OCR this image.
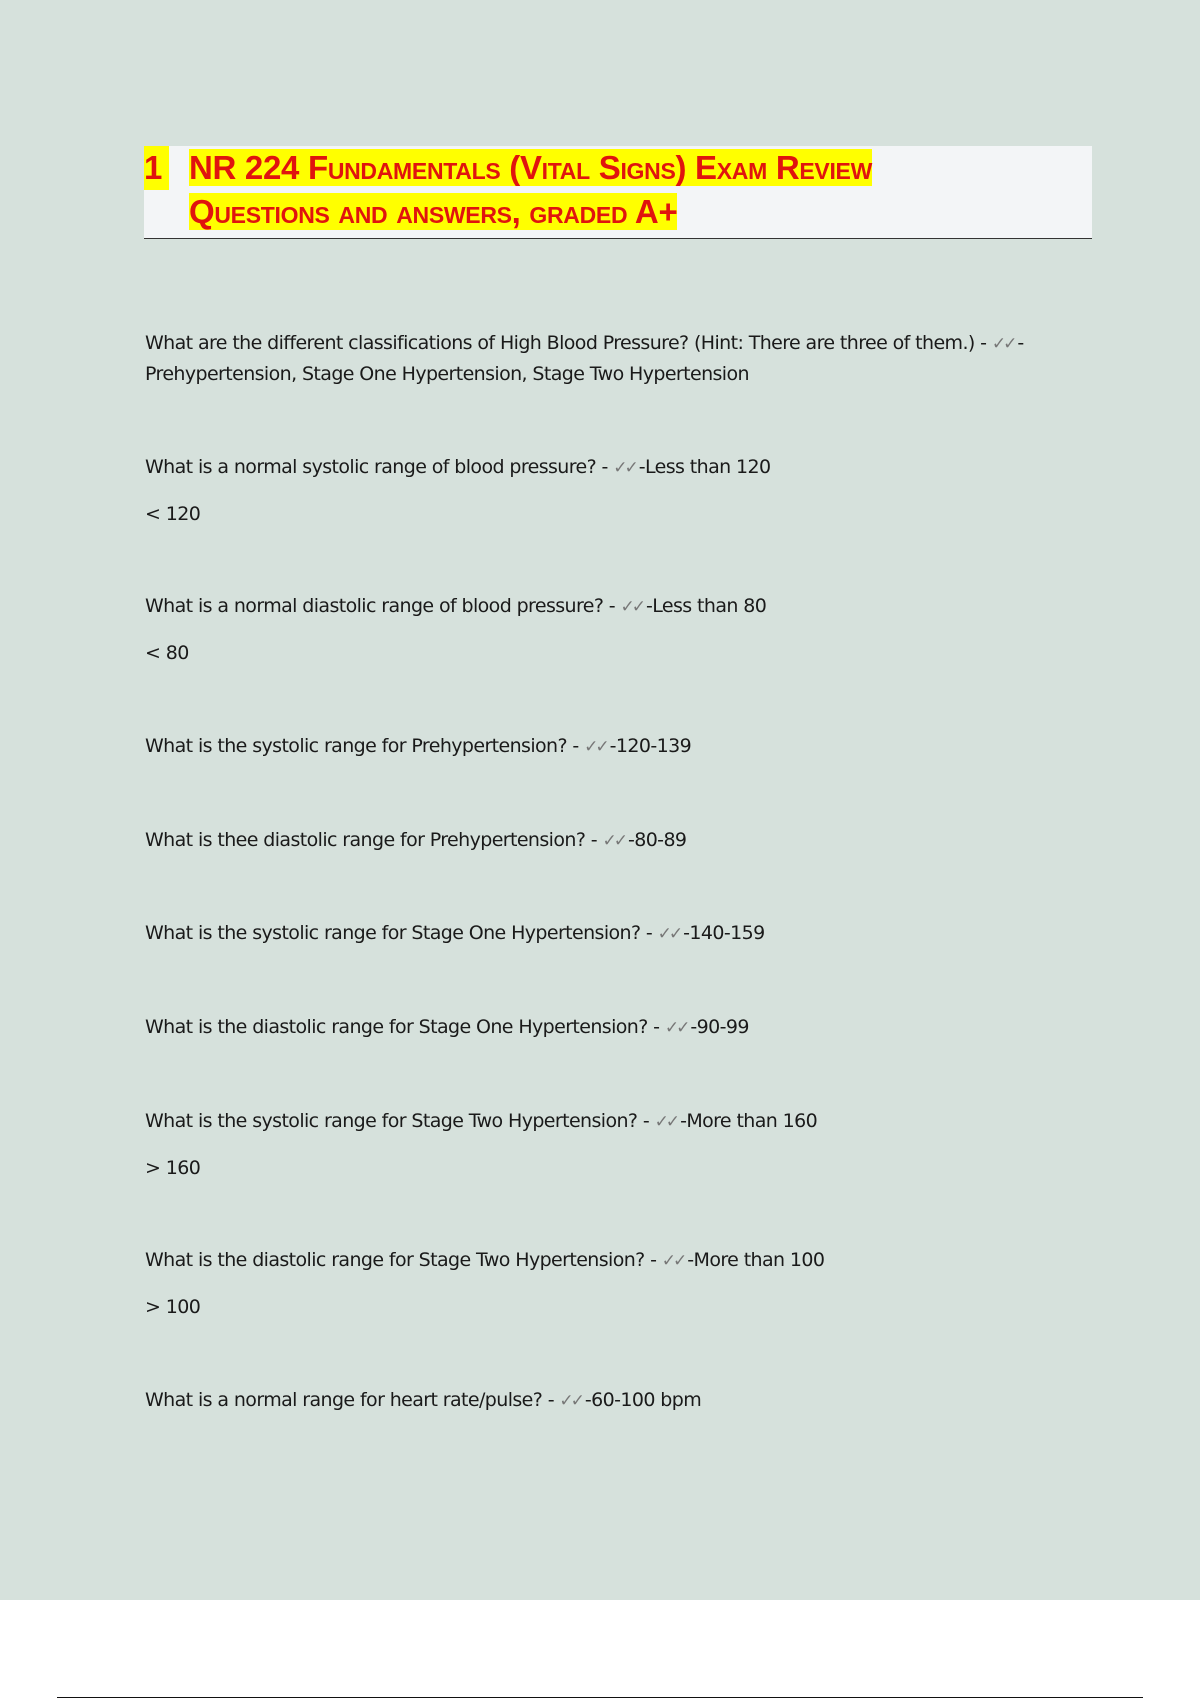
1 NR 224 Fundamentals (Vital Signs) Exam Review
Questions and answers, graded A+

What are the different classifications of High Blood Pressure? (Hint: There are three of them.) - ✓✓ -Prehypertension, Stage One Hypertension, Stage Two Hypertension

What is a normal systolic range of blood pressure? - ✓✓ -Less than 120

< 120

What is a normal diastolic range of blood pressure? - ✓✓ -Less than 80

< 80

What is the systolic range for Prehypertension? - ✓✓ -120-139

What is thee diastolic range for Prehypertension? - ✓✓ -80-89

What is the systolic range for Stage One Hypertension? - ✓✓ -140-159

What is the diastolic range for Stage One Hypertension? - ✓✓ -90-99

What is the systolic range for Stage Two Hypertension? - ✓✓ -More than 160

> 160

What is the diastolic range for Stage Two Hypertension? - ✓✓ -More than 100

> 100

What is a normal range for heart rate/pulse? - ✓✓ -60-100 bpm
